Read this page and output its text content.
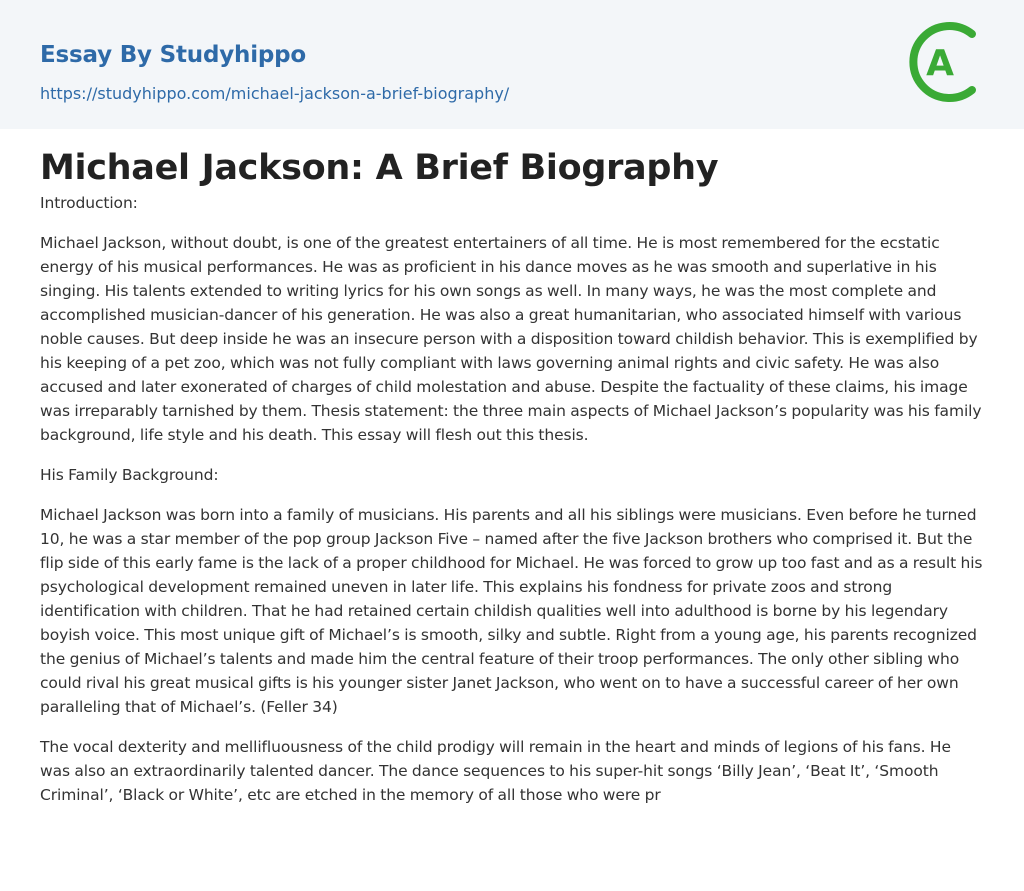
Essay By Studyhippo
https://studyhippo.com/michael-jackson-a-brief-biography/
A
Michael Jackson: A Brief Biography

Introduction:

Michael Jackson, without doubt, is one of the greatest entertainers of all time. He is most remembered for the ecstatic energy of his musical performances. He was as proficient in his dance moves as he was smooth and superlative in his singing. His talents extended to writing lyrics for his own songs as well. In many ways, he was the most complete and accomplished musician-dancer of his generation. He was also a great humanitarian, who associated himself with various noble causes. But deep inside he was an insecure person with a disposition toward childish behavior. This is exemplified by his keeping of a pet zoo, which was not fully compliant with laws governing animal rights and civic safety. He was also accused and later exonerated of charges of child molestation and abuse. Despite the factuality of these claims, his image was irreparably tarnished by them. Thesis statement: the three main aspects of Michael Jackson’s popularity was his family background, life style and his death. This essay will flesh out this thesis.

His Family Background:

Michael Jackson was born into a family of musicians. His parents and all his siblings were musicians. Even before he turned 10, he was a star member of the pop group Jackson Five – named after the five Jackson brothers who comprised it. But the flip side of this early fame is the lack of a proper childhood for Michael. He was forced to grow up too fast and as a result his psychological development remained uneven in later life. This explains his fondness for private zoos and strong identification with children. That he had retained certain childish qualities well into adulthood is borne by his legendary boyish voice. This most unique gift of Michael’s is smooth, silky and subtle. Right from a young age, his parents recognized the genius of Michael’s talents and made him the central feature of their troop performances. The only other sibling who could rival his great musical gifts is his younger sister Janet Jackson, who went on to have a successful career of her own paralleling that of Michael’s. (Feller 34)

The vocal dexterity and mellifluousness of the child prodigy will remain in the heart and minds of legions of his fans. He was also an extraordinarily talented dancer. The dance sequences to his super-hit songs ‘Billy Jean’, ‘Beat It’, ‘Smooth Criminal’, ‘Black or White’, etc are etched in the memory of all those who were pr
